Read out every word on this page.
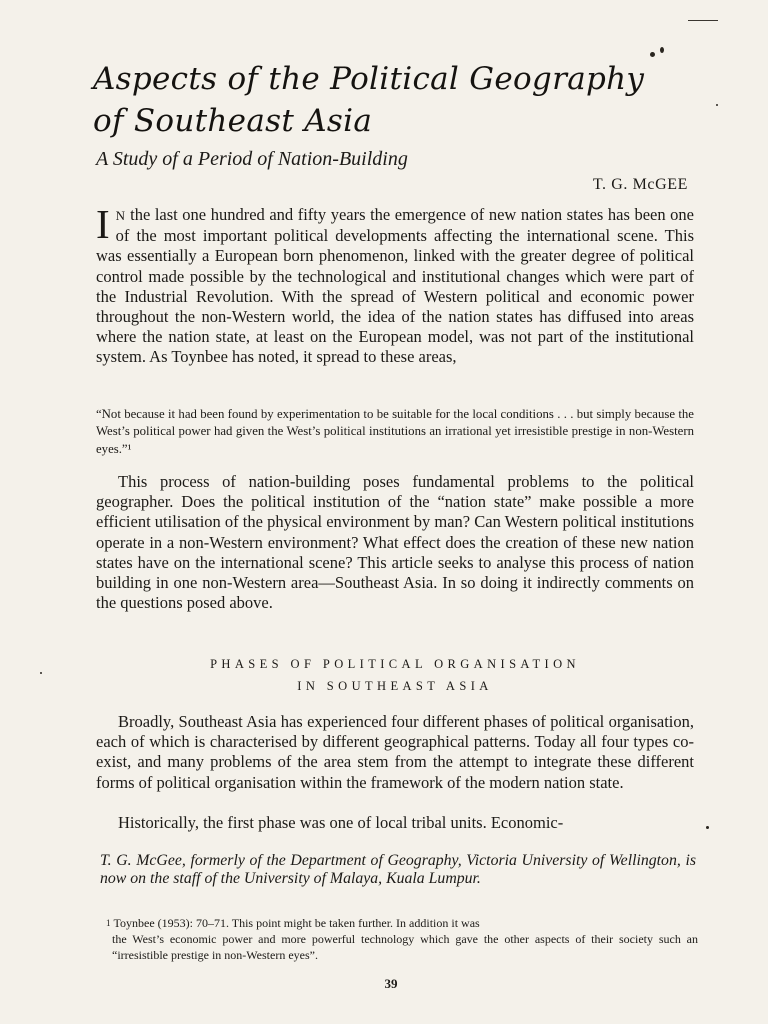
Aspects of the Political Geography
of Southeast Asia
A Study of a Period of Nation-Building
T. G. McGEE
I N the last one hundred and fifty years the emergence of new nation states has been one of the most important political developments affecting the international scene. This was essentially a European born phenomenon, linked with the greater degree of political control made possible by the technological and institutional changes which were part of the Industrial Revolution. With the spread of Western political and economic power throughout the non-Western world, the idea of the nation states has diffused into areas where the nation state, at least on the European model, was not part of the institutional system. As Toynbee has noted, it spread to these areas,
“Not because it had been found by experimentation to be suitable for the local conditions . . . but simply because the West’s political power had given the West’s political institutions an irrational yet irresistible prestige in non-Western eyes.”¹
This process of nation-building poses fundamental problems to the political geographer. Does the political institution of the “nation state” make possible a more efficient utilisation of the physical environment by man? Can Western political institutions operate in a non-Western environment? What effect does the creation of these new nation states have on the international scene? This article seeks to analyse this process of nation building in one non-Western area—Southeast Asia. In so doing it indirectly comments on the questions posed above.
PHASES OF POLITICAL ORGANISATION
IN SOUTHEAST ASIA
Broadly, Southeast Asia has experienced four different phases of political organisation, each of which is characterised by different geographical patterns. Today all four types co-exist, and many problems of the area stem from the attempt to integrate these different forms of political organisation within the framework of the modern nation state.
Historically, the first phase was one of local tribal units. Economic-
T. G. McGee, formerly of the Department of Geography, Victoria University of Wellington, is now on the staff of the University of Malaya, Kuala Lumpur.
$^1$ Toynbee (1953): 70–71. This point might be taken further. In addition it was
the West’s economic power and more powerful technology which gave the other aspects of their society such an “irresistible prestige in non-Western eyes”.
39
